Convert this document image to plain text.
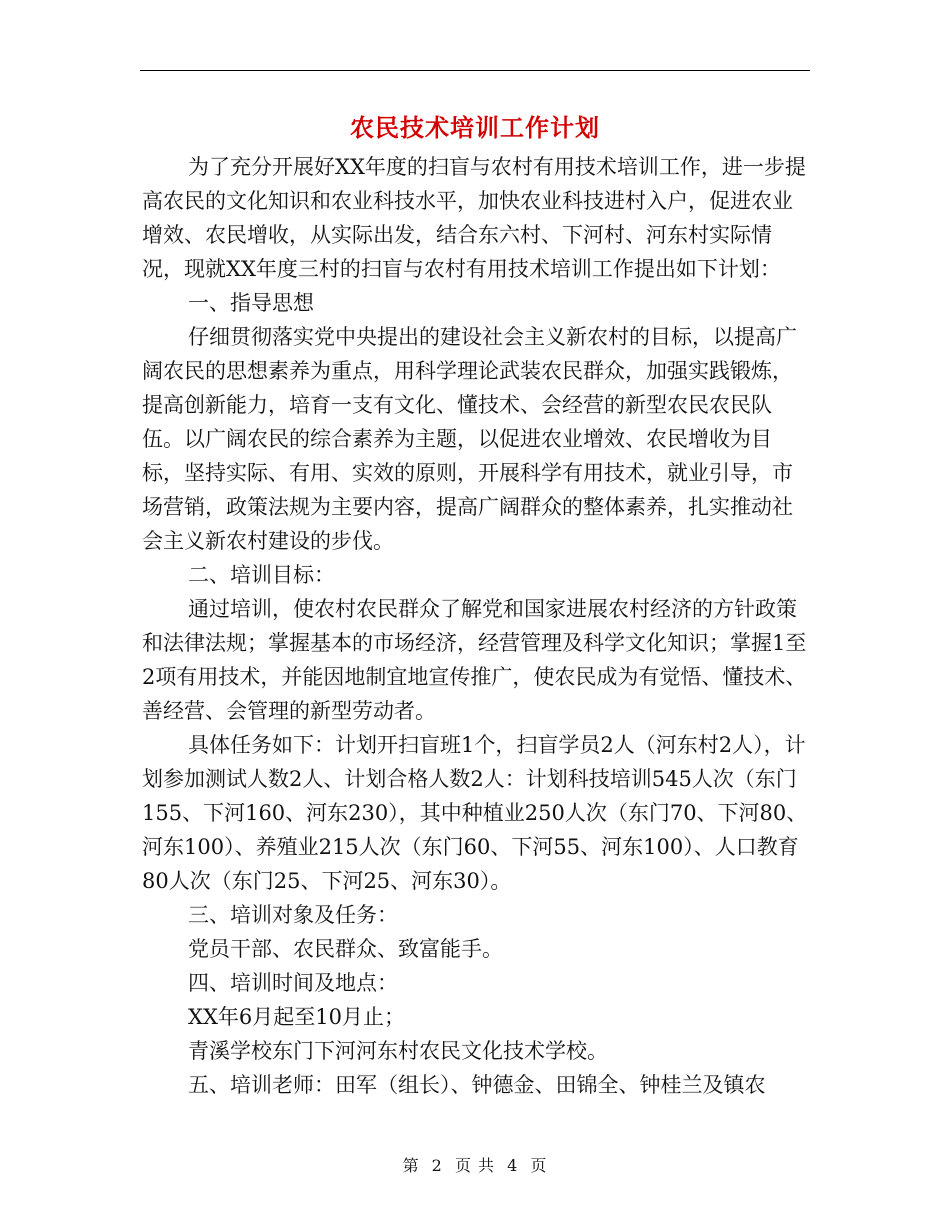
农民技术培训工作计划

为了充分开展好XX年度的扫盲与农村有用技术培训工作，进一步提高农民的文化知识和农业科技水平，加快农业科技进村入户，促进农业增效、农民增收，从实际出发，结合东六村、下河村、河东村实际情况，现就XX年度三村的扫盲与农村有用技术培训工作提出如下计划：

一、指导思想

仔细贯彻落实党中央提出的建设社会主义新农村的目标，以提高广阔农民的思想素养为重点，用科学理论武装农民群众，加强实践锻炼，提高创新能力，培育一支有文化、懂技术、会经营的新型农民农民队伍。以广阔农民的综合素养为主题，以促进农业增效、农民增收为目标，坚持实际、有用、实效的原则，开展科学有用技术，就业引导，市场营销，政策法规为主要内容，提高广阔群众的整体素养，扎实推动社会主义新农村建设的步伐。

二、培训目标：

通过培训，使农村农民群众了解党和国家进展农村经济的方针政策和法律法规；掌握基本的市场经济，经营管理及科学文化知识；掌握1至2项有用技术，并能因地制宜地宣传推广，使农民成为有觉悟、懂技术、善经营、会管理的新型劳动者。

具体任务如下：计划开扫盲班1个，扫盲学员2人（河东村2人），计划参加测试人数2人、计划合格人数2人：计划科技培训545人次（东门155、下河160、河东230），其中种植业250人次（东门70、下河80、河东100）、养殖业215人次（东门60、下河55、河东100）、人口教育80人次（东门25、下河25、河东30）。

三、培训对象及任务：

党员干部、农民群众、致富能手。

四、培训时间及地点：

XX年6月起至10月止；

青溪学校东门下河河东村农民文化技术学校。

五、培训老师：田军（组长）、钟德金、田锦全、钟桂兰及镇农

第 2 页 共 4 页
